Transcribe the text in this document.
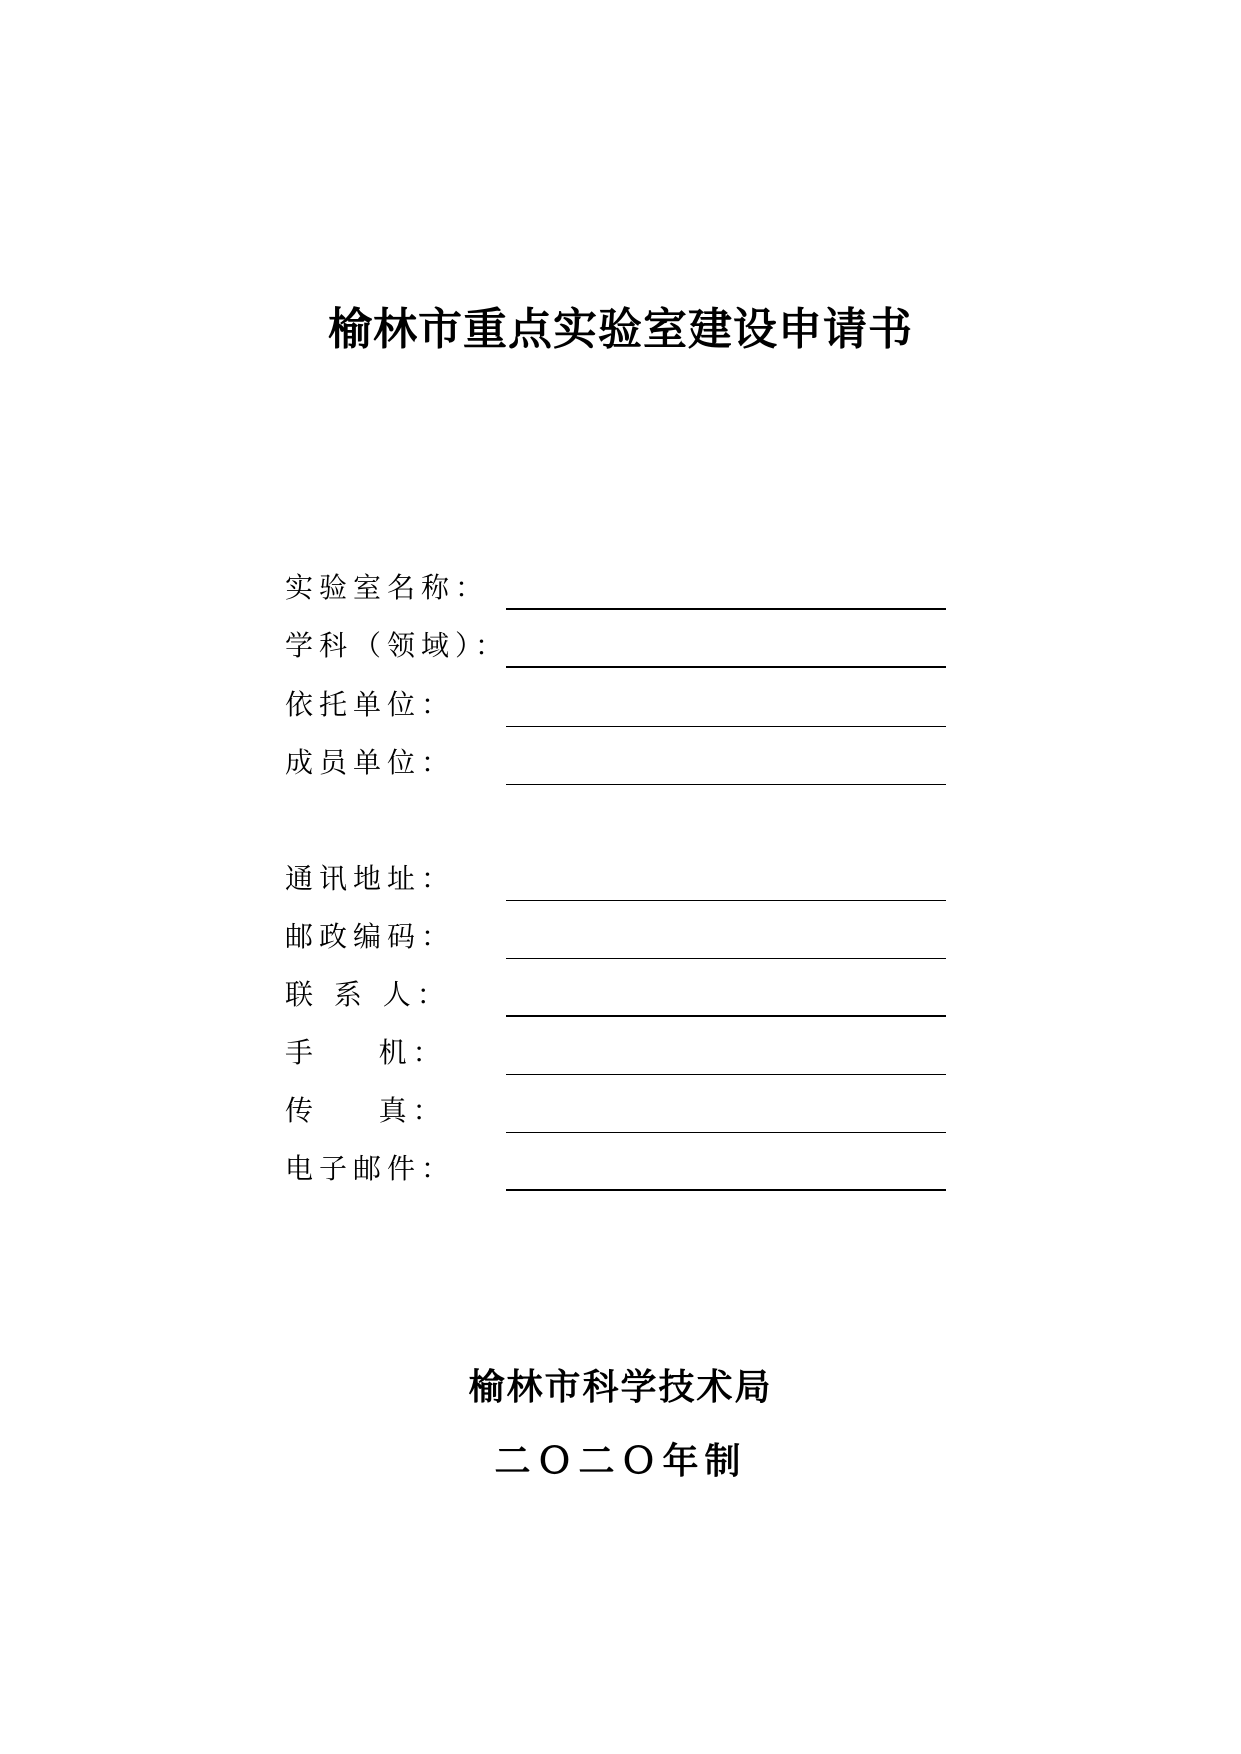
榆林市重点实验室建设申请书
实验室名称：
学科（领域）：
依托单位：
成员单位：
通讯地址：
邮政编码：
联 系 人：
手    机：
传    真：
电子邮件：
榆林市科学技术局
二Ｏ二Ｏ年制
